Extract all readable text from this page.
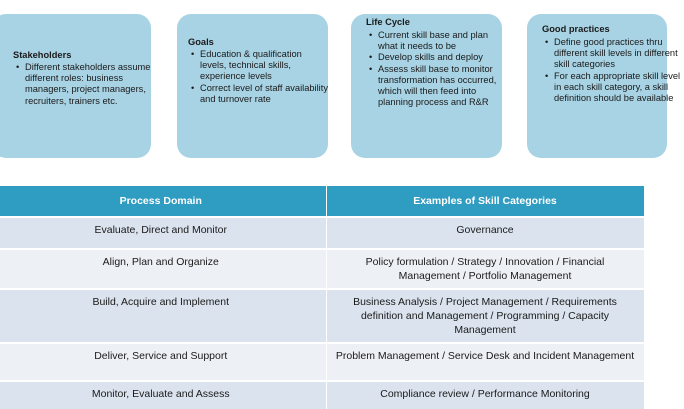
Stakeholders
• Different stakeholders assume different roles: business managers, project managers, recruiters, trainers etc.
Goals
• Education & qualification levels, technical skills, experience levels
• Correct level of staff availability and turnover rate
Life Cycle
• Current skill base and plan what it needs to be
• Develop skills and deploy
• Assess skill base to monitor transformation has occurred, which will then feed into planning process and R&R
Good practices
• Define good practices thru different skill levels in different skill categories
• For each appropriate skill level in each skill category, a skill definition should be available
Process Domain	Examples of Skill Categories
Evaluate, Direct and Monitor	Governance
Align, Plan and Organize	Policy formulation / Strategy / Innovation / Financial Management / Portfolio Management
Build, Acquire and Implement	Business Analysis / Project Management / Requirements definition and Management / Programming / Capacity Management
Deliver, Service and Support	Problem Management / Service Desk and Incident Management
Monitor, Evaluate and Assess	Compliance review / Performance Monitoring
